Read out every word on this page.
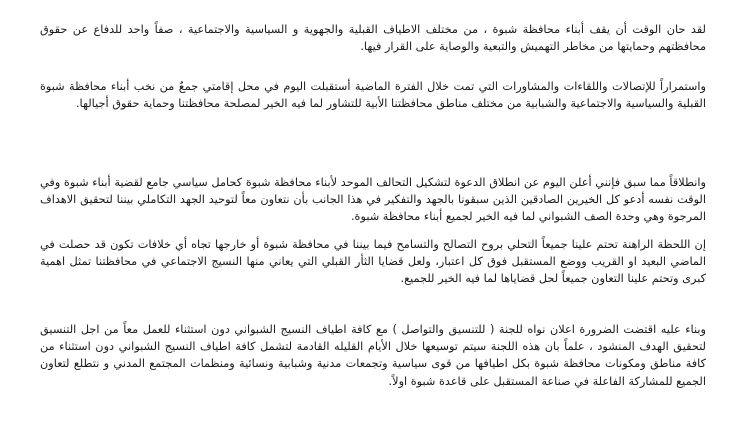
لقد حان الوقت أن يقف أبناء محافظة شبوة ، من مختلف الاطياف القبلية والجهوية و السياسية والاجتماعية ، صفاً واحد للدفاع عن حقوق محافظتهم وحمايتها من مخاطر التهميش والتبعية والوصاية على القرار فيها.

واستمراراً للإتصالات واللقاءات والمشاورات التي تمت خلال الفترة الماضية أستقبلت اليوم في محل إقامتي جمعٌ من نخب أبناء محافظة شبوة القبلية والسياسية والاجتماعية والشبابية من مختلف مناطق محافظتنا الأبية للتشاور لما فيه الخير لمصلحة محافظتنا وحماية حقوق أجيالها.

وانطلاقاً مما سبق فإنني أعلن اليوم عن انطلاق الدعوة لتشكيل التحالف الموحد لأبناء محافظة شبوة كحامل سياسي جامع لقضية أبناء شبوة وفي الوقت نفسه أدعو كل الخيرين الصادقين الذين سبقونا بالجهد والتفكير في هذا الجانب بأن نتعاون معاً لتوحيد الجهد التكاملي بيننا لتحقيق الاهداف المرجوة وهي وحدة الصف الشبواني لما فيه الخير لجميع أبناء محافظة شبوة.

إن اللحظة الراهنة تحتم علينا جميعاً التحلي بروح التصالح والتسامح فيما بيننا في محافظة شبوة أو خارجها تجاه أي خلافات تكون قد حصلت في الماضي البعيد او القريب ووضع المستقبل فوق كل اعتبار، ولعل قضايا الثأر القبلي التي يعاني منها النسيج الاجتماعي في محافظتنا تمثل اهمية كبرى وتحتم علينا التعاون جميعاً لحل قضاياها لما فيه الخير للجميع.

وبناء عليه اقتضت الضرورة اعلان نواه للجنة ( للتنسيق والتواصل ) مع كافة اطياف النسيج الشبواني دون استثناء للعمل معاً من اجل التنسيق لتحقيق الهدف المنشود ، علماً بان هذه اللجنة سيتم توسيعها خلال الأيام القليله القادمة لتشمل كافة اطياف النسيج الشبواني دون استثناء من كافة مناطق ومكونات محافظة شبوة بكل اطيافها من قوى سياسية وتجمعات مدنية وشبابية ونسائية ومنظمات المجتمع المدني و نتطلع لتعاون الجميع للمشاركة الفاعلة في صناعة المستقبل على قاعدة شبوة اولاً.
